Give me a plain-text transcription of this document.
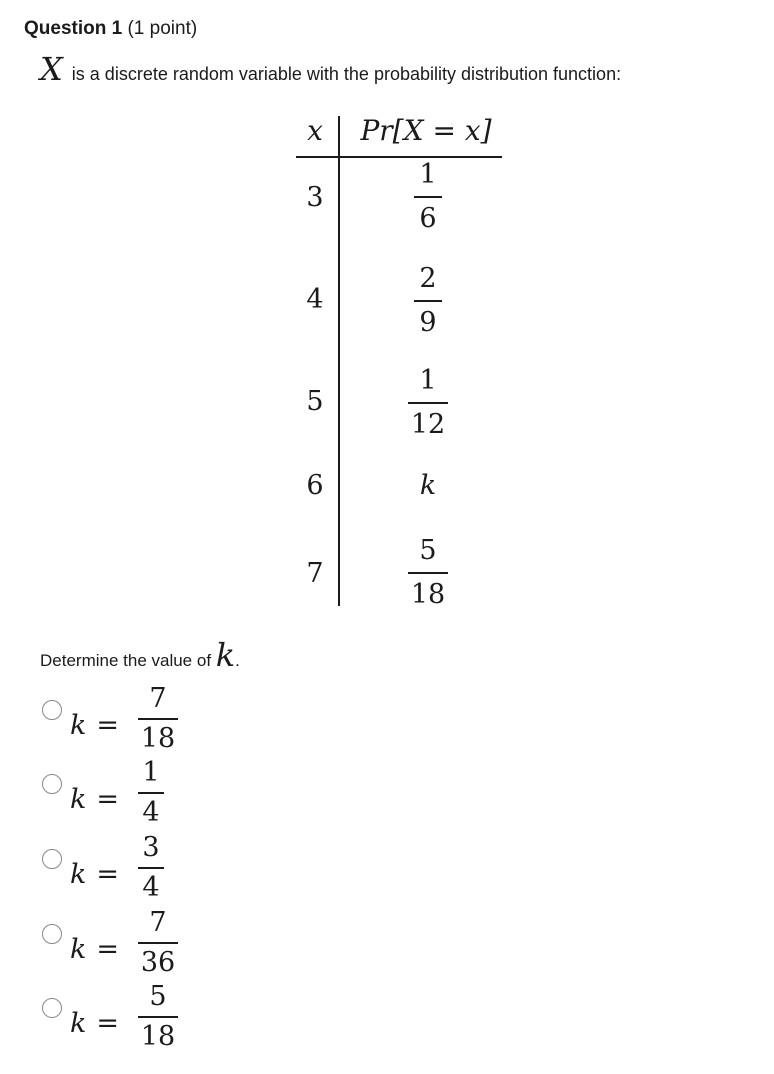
Question 1 (1 point)
X is a discrete random variable with the probability distribution function:
x	Pr[X = x]
3
1
6
4
2
9
5
1
12
6	k
7
5
18
Determine the value of k.
k =
7
18
k =
1
4
k =
3
4
k =
7
36
k =
5
18
